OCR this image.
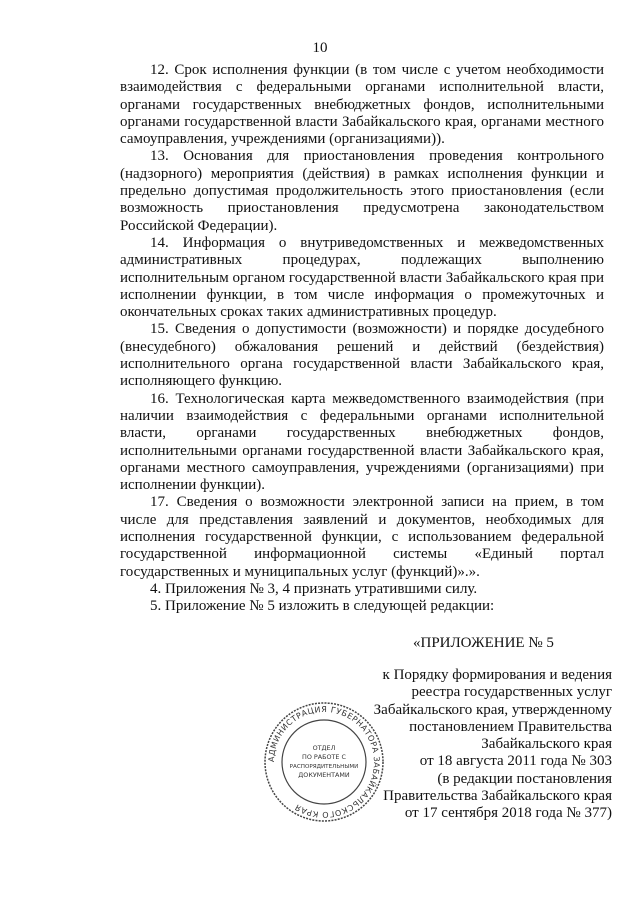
10

12. Срок исполнения функции (в том числе с учетом необходимости взаимодействия с федеральными органами исполнительной власти, органами государственных внебюджетных фондов, исполнительными органами государственной власти Забайкальского края, органами местного самоуправления, учреждениями (организациями)).

13. Основания для приостановления проведения контрольного (надзорного) мероприятия (действия) в рамках исполнения функции и предельно допустимая продолжительность этого приостановления (если возможность приостановления предусмотрена законодательством Российской Федерации).

14. Информация о внутриведомственных и межведомственных административных процедурах, подлежащих выполнению исполнительным органом государственной власти Забайкальского края при исполнении функции, в том числе информация о промежуточных и окончательных сроках таких административных процедур.

15. Сведения о допустимости (возможности) и порядке досудебного (внесудебного) обжалования решений и действий (бездействия) исполнительного органа государственной власти Забайкальского края, исполняющего функцию.

16. Технологическая карта межведомственного взаимодействия (при наличии взаимодействия с федеральными органами исполнительной власти, органами государственных внебюджетных фондов, исполнительными органами государственной власти Забайкальского края, органами местного самоуправления, учреждениями (организациями) при исполнении функции).

17. Сведения о возможности электронной записи на прием, в том числе для представления заявлений и документов, необходимых для исполнения государственной функции, с использованием федеральной государственной информационной системы «Единый портал государственных и муниципальных услуг (функций)».».

4. Приложения № 3, 4 признать утратившими силу.

5. Приложение № 5 изложить в следующей редакции:

«ПРИЛОЖЕНИЕ № 5
к Порядку формирования и ведения
реестра государственных услуг
Забайкальского края, утвержденному
постановлением Правительства
Забайкальского края
от 18 августа 2011 года № 303
(в редакции постановления
Правительства Забайкальского края
от 17 сентября 2018 года № 377)
АДМИНИСТРАЦИЯ ГУБЕРНАТОРА ЗАБАЙКАЛЬСКОГО КРАЯ
ОТДЕЛ
ПО РАБОТЕ С
РАСПОРЯДИТЕЛЬНЫМИ
ДОКУМЕНТАМИ
